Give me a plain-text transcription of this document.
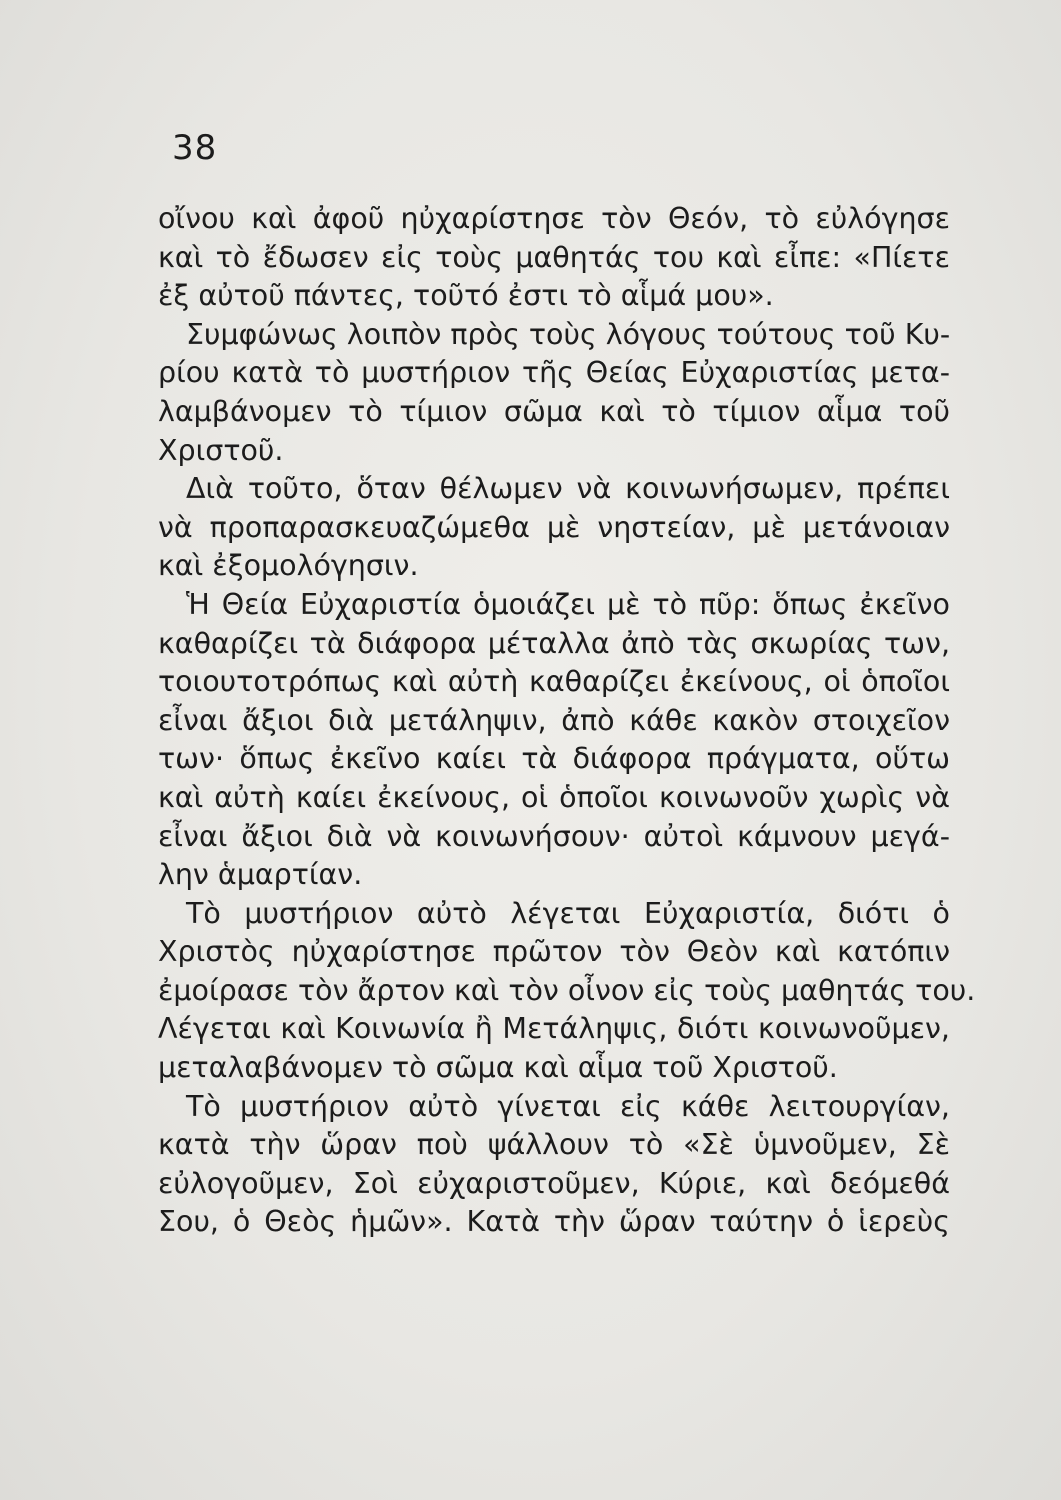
38
οἴνου καὶ ἀφοῦ ηὐχαρίστησε τὸν Θεόν, τὸ εὐλόγησε
καὶ τὸ ἔδωσεν εἰς τοὺς μαθητάς του καὶ εἶπε: «Πίετε
ἐξ αὐτοῦ πάντες, τοῦτό ἐστι τὸ αἷμά μου».
Συμφώνως λοιπὸν πρὸς τοὺς λόγους τούτους τοῦ Κυ-
ρίου κατὰ τὸ μυστήριον τῆς Θείας Εὐχαριστίας μετα-
λαμβάνομεν τὸ τίμιον σῶμα καὶ τὸ τίμιον αἷμα τοῦ
Χριστοῦ.
Διὰ τοῦτο, ὅταν θέλωμεν νὰ κοινωνήσωμεν, πρέπει
νὰ προπαρασκευαζώμεθα μὲ νηστείαν, μὲ μετάνοιαν
καὶ ἐξομολόγησιν.
Ἡ Θεία Εὐχαριστία ὁμοιάζει μὲ τὸ πῦρ: ὅπως ἐκεῖνο
καθαρίζει τὰ διάφορα μέταλλα ἀπὸ τὰς σκωρίας των,
τοιουτοτρόπως καὶ αὐτὴ καθαρίζει ἐκείνους, οἱ ὁποῖοι
εἶναι ἄξιοι διὰ μετάληψιν, ἀπὸ κάθε κακὸν στοιχεῖον
των· ὅπως ἐκεῖνο καίει τὰ διάφορα πράγματα, οὕτω
καὶ αὐτὴ καίει ἐκείνους, οἱ ὁποῖοι κοινωνοῦν χωρὶς νὰ
εἶναι ἄξιοι διὰ νὰ κοινωνήσουν· αὐτοὶ κάμνουν μεγά-
λην ἁμαρτίαν.
Τὸ μυστήριον αὐτὸ λέγεται Εὐχαριστία, διότι ὁ
Χριστὸς ηὐχαρίστησε πρῶτον τὸν Θεὸν καὶ κατόπιν
ἐμοίρασε τὸν ἄρτον καὶ τὸν οἶνον εἰς τοὺς μαθητάς του.
Λέγεται καὶ Κοινωνία ἢ Μετάληψις, διότι κοινωνοῦμεν,
μεταλαβάνομεν τὸ σῶμα καὶ αἷμα τοῦ Χριστοῦ.
Τὸ μυστήριον αὐτὸ γίνεται εἰς κάθε λειτουργίαν,
κατὰ τὴν ὥραν ποὺ ψάλλουν τὸ «Σὲ ὑμνοῦμεν, Σὲ
εὐλογοῦμεν, Σοὶ εὐχαριστοῦμεν, Κύριε, καὶ δεόμεθά
Σου, ὁ Θεὸς ἡμῶν». Κατὰ τὴν ὥραν ταύτην ὁ ἱερεὺς
